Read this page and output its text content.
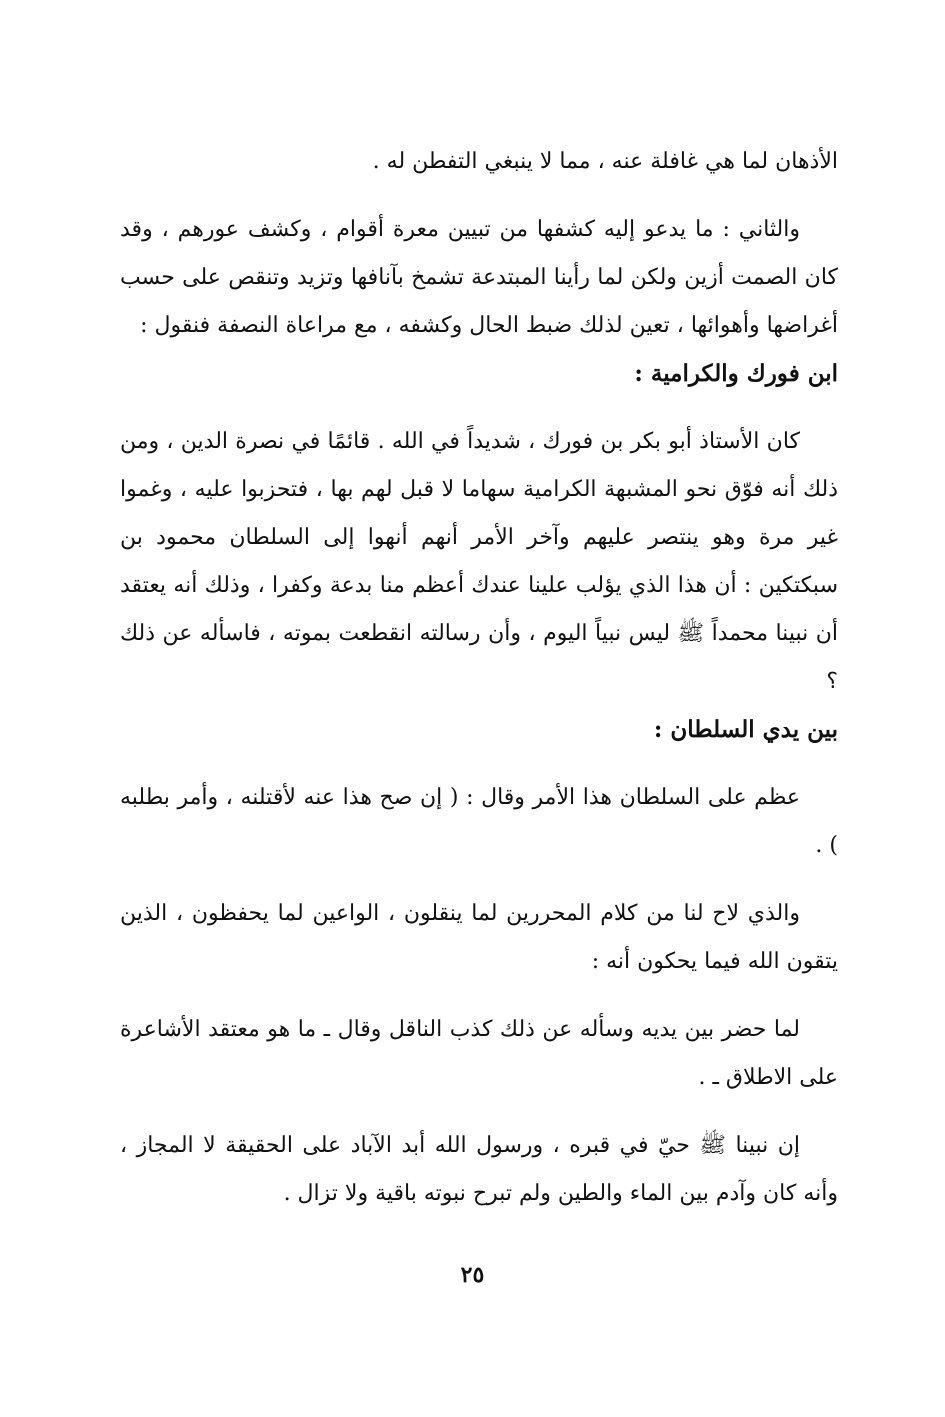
الأذهان لما هي غافلة عنه ، مما لا ينبغي التفطن له .

والثاني : ما يدعو إليه كشفها من تبيين معرة أقوام ، وكشف عورهم ، وقد كان الصمت أزين ولكن لما رأينا المبتدعة تشمخ بآنافها وتزيد وتنقص على حسب أغراضها وأهوائها ، تعين لذلك ضبط الحال وكشفه ، مع مراعاة النصفة فنقول :

ابن فورك والكرامية :

كان الأستاذ أبو بكر بن فورك ، شديداً في الله . قائمًا في نصرة الدين ، ومن ذلك أنه فوّق نحو المشبهة الكرامية سهاما لا قبل لهم بها ، فتحزبوا عليه ، وغموا غير مرة وهو ينتصر عليهم وآخر الأمر أنهم أنهوا إلى السلطان محمود بن سبكتكين : أن هذا الذي يؤلب علينا عندك أعظم منا بدعة وكفرا ، وذلك أنه يعتقد أن نبينا محمداً ﷺ ليس نبياً اليوم ، وأن رسالته انقطعت بموته ، فاسأله عن ذلك ؟

بين يدي السلطان :

عظم على السلطان هذا الأمر وقال : ( إن صح هذا عنه لأقتلنه ، وأمر بطلبه ) .

والذي لاح لنا من كلام المحررين لما ينقلون ، الواعين لما يحفظون ، الذين يتقون الله فيما يحكون أنه :

لما حضر بين يديه وسأله عن ذلك كذب الناقل وقال ـ ما هو معتقد الأشاعرة على الاطلاق ـ .

إن نبينا ﷺ حيّ في قبره ، ورسول الله أبد الآباد على الحقيقة لا المجاز ، وأنه كان وآدم بين الماء والطين ولم تبرح نبوته باقية ولا تزال .

٢٥
